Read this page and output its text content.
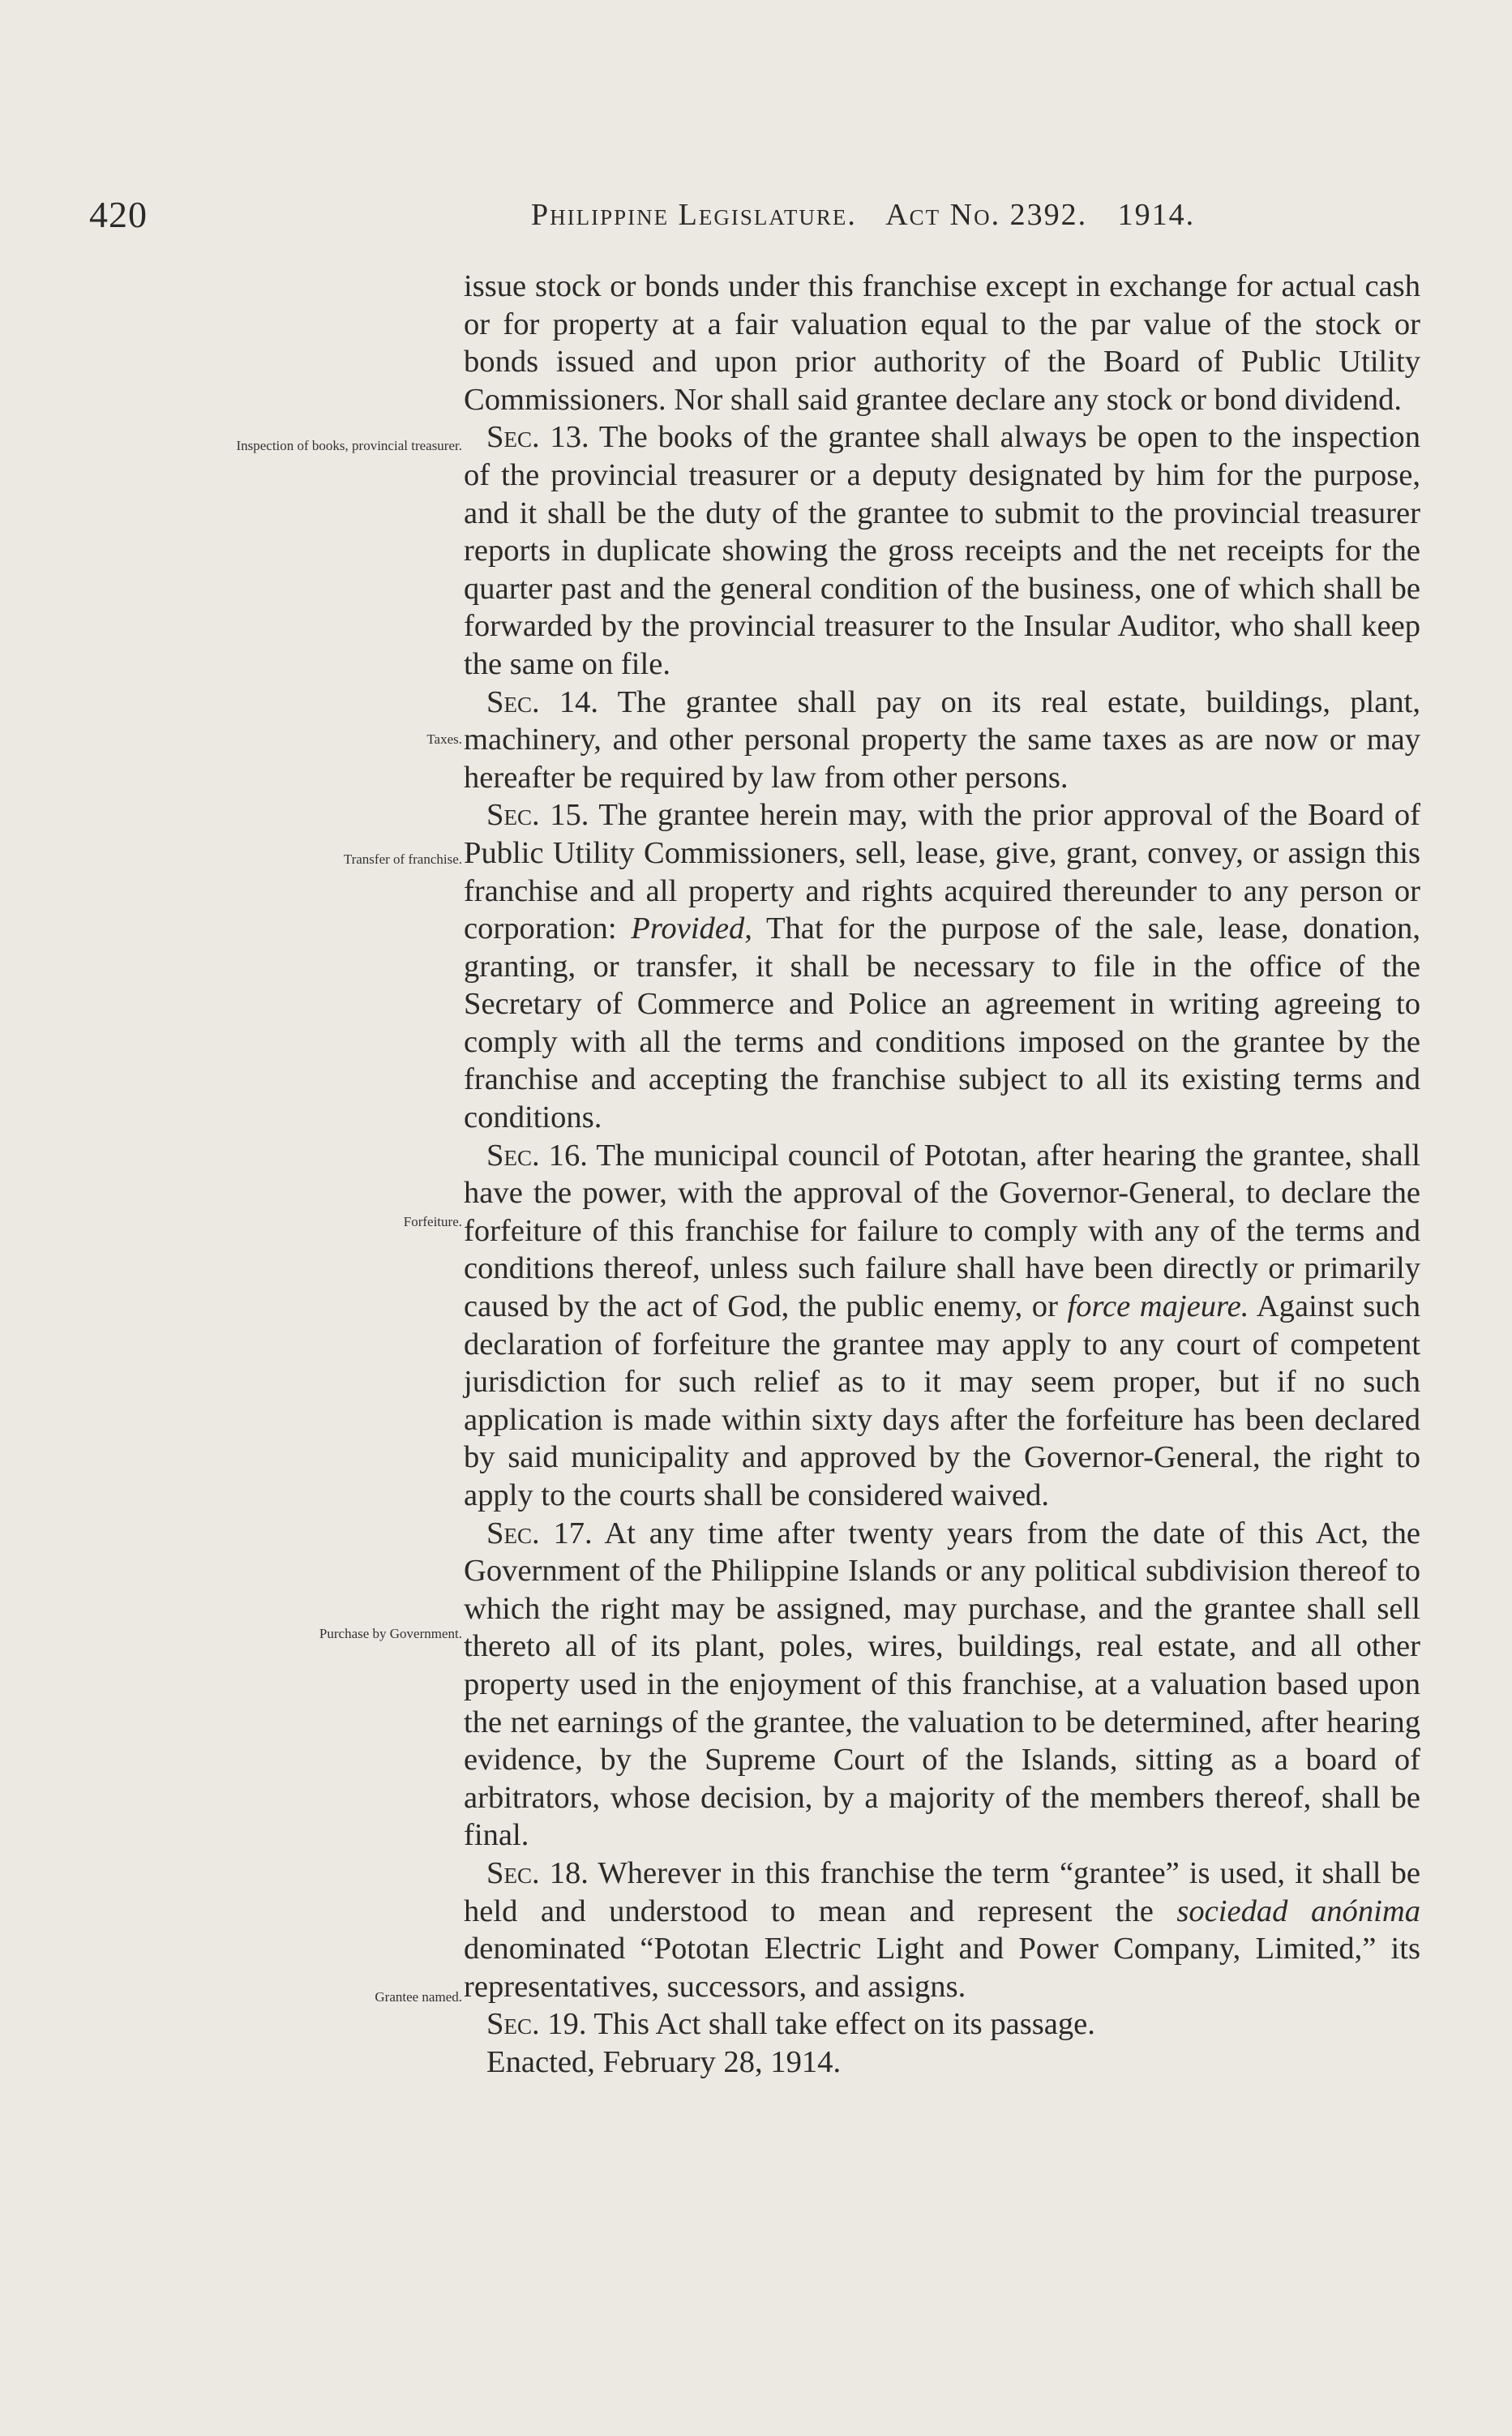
420	Philippine Legislature. Act No. 2392. 1914.
Inspection of books, provincial treasurer.
Taxes.
Transfer of franchise.
Forfeiture.
Purchase by Government.
Grantee named.

issue stock or bonds under this franchise except in exchange for actual cash or for property at a fair valuation equal to the par value of the stock or bonds issued and upon prior authority of the Board of Public Utility Commissioners. Nor shall said grantee declare any stock or bond dividend.

Sec. 13. The books of the grantee shall always be open to the inspection of the provincial treasurer or a deputy designated by him for the purpose, and it shall be the duty of the grantee to submit to the provincial treasurer reports in duplicate showing the gross receipts and the net receipts for the quarter past and the general condition of the business, one of which shall be forwarded by the provincial treasurer to the Insular Auditor, who shall keep the same on file.

Sec. 14. The grantee shall pay on its real estate, buildings, plant, machinery, and other personal property the same taxes as are now or may hereafter be required by law from other persons.

Sec. 15. The grantee herein may, with the prior approval of the Board of Public Utility Commissioners, sell, lease, give, grant, convey, or assign this franchise and all property and rights acquired thereunder to any person or corporation: Provided, That for the purpose of the sale, lease, donation, granting, or transfer, it shall be necessary to file in the office of the Secretary of Commerce and Police an agreement in writing agreeing to comply with all the terms and conditions imposed on the grantee by the franchise and accepting the franchise subject to all its existing terms and conditions.

Sec. 16. The municipal council of Pototan, after hearing the grantee, shall have the power, with the approval of the Governor-General, to declare the forfeiture of this franchise for failure to comply with any of the terms and conditions thereof, unless such failure shall have been directly or primarily caused by the act of God, the public enemy, or force majeure. Against such declaration of forfeiture the grantee may apply to any court of competent jurisdiction for such relief as to it may seem proper, but if no such application is made within sixty days after the forfeiture has been declared by said municipality and approved by the Governor-General, the right to apply to the courts shall be considered waived.

Sec. 17. At any time after twenty years from the date of this Act, the Government of the Philippine Islands or any political subdivision thereof to which the right may be assigned, may purchase, and the grantee shall sell thereto all of its plant, poles, wires, buildings, real estate, and all other property used in the enjoyment of this franchise, at a valuation based upon the net earnings of the grantee, the valuation to be determined, after hearing evidence, by the Supreme Court of the Islands, sitting as a board of arbitrators, whose decision, by a majority of the members thereof, shall be final.

Sec. 18. Wherever in this franchise the term “grantee” is used, it shall be held and understood to mean and represent the sociedad anónima denominated “Pototan Electric Light and Power Company, Limited,” its representatives, successors, and assigns.

Sec. 19. This Act shall take effect on its passage.

Enacted, February 28, 1914.
